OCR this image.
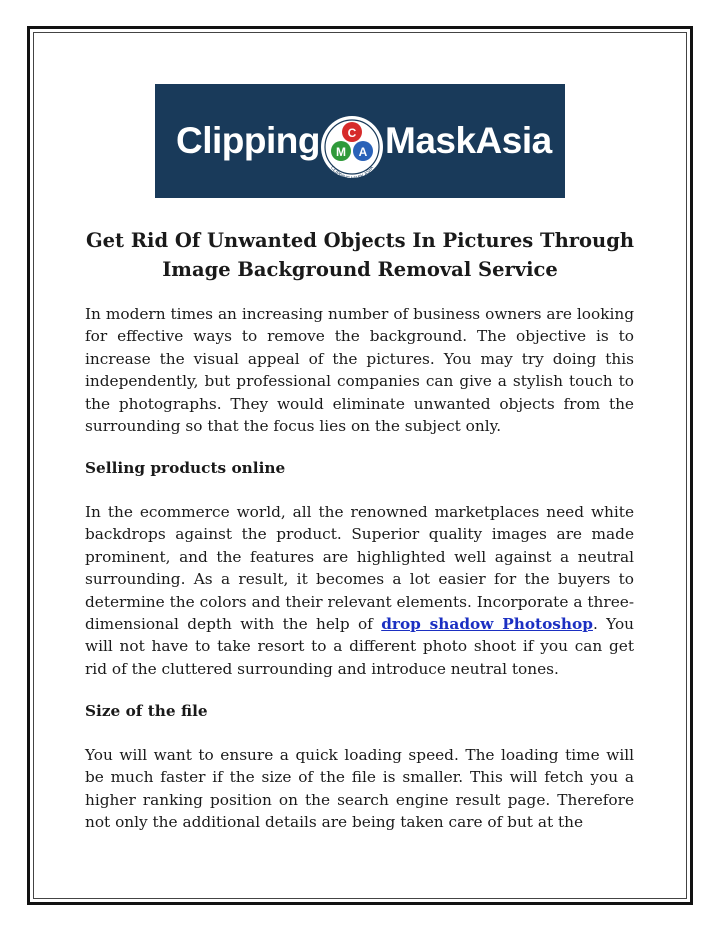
Clipping C
M A
CLIPPING MASK ASIA
MaskAsia
Get Rid Of Unwanted Objects In Pictures Through Image Background Removal Service

In modern times an increasing number of business owners are looking for effective ways to remove the background. The objective is to increase the visual appeal of the pictures. You may try doing this independently, but professional companies can give a stylish touch to the photographs. They would eliminate unwanted objects from the surrounding so that the focus lies on the subject only.

Selling products online

In the ecommerce world, all the renowned marketplaces need white backdrops against the product. Superior quality images are made prominent, and the features are highlighted well against a neutral surrounding. As a result, it becomes a lot easier for the buyers to determine the colors and their relevant elements. Incorporate a three-dimensional depth with the help of drop shadow Photoshop. You will not have to take resort to a different photo shoot if you can get rid of the cluttered surrounding and introduce neutral tones.

Size of the file

You will want to ensure a quick loading speed. The loading time will be much faster if the size of the file is smaller. This will fetch you a higher ranking position on the search engine result page. Therefore not only the additional details are being taken care of but at the
